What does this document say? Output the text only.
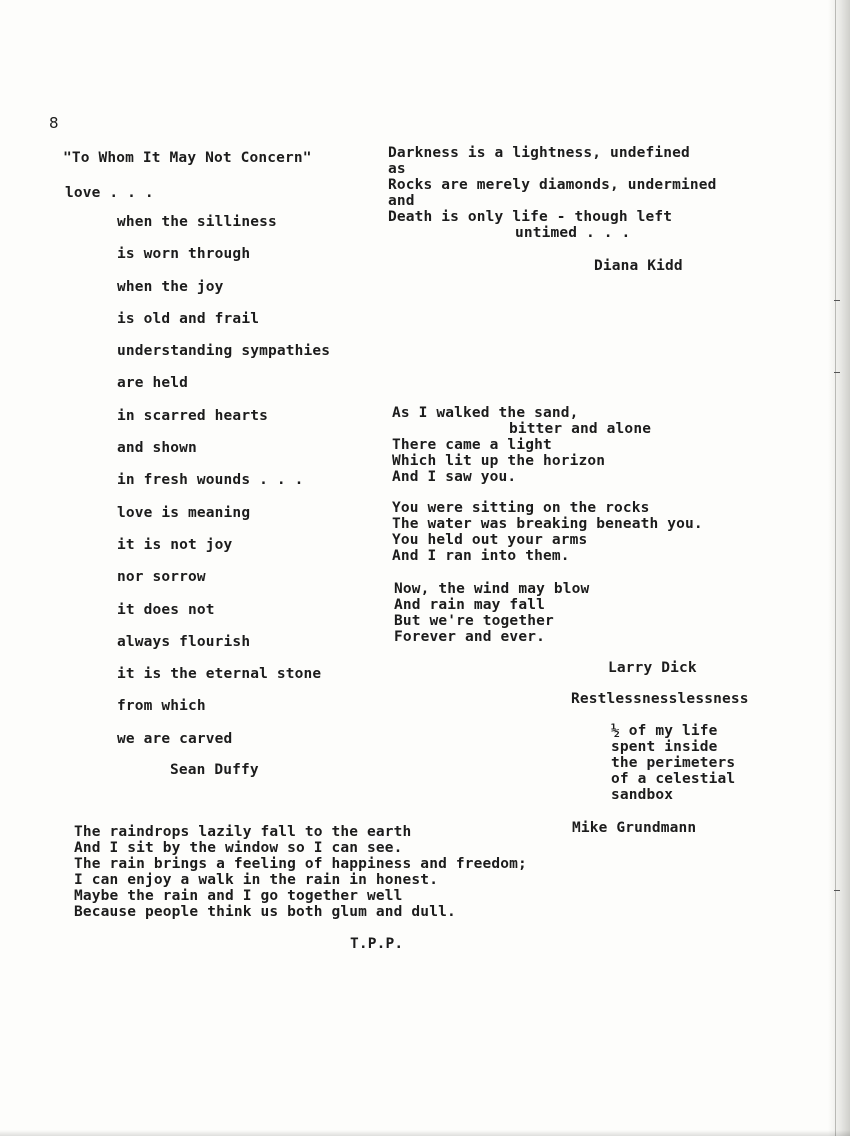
8
"To Whom It May Not Concern"
love . . .
when the silliness
is worn through
when the joy
is old and frail
understanding sympathies
are held
in scarred hearts
and shown
in fresh wounds . . .
love is meaning
it is not joy
nor sorrow
it does not
always flourish
it is the eternal stone
from which
we are carved
Sean Duffy
Darkness is a lightness, undefined
as
Rocks are merely diamonds, undermined
and
Death is only life - though left
untimed . . .
Diana Kidd
As I walked the sand,
bitter and alone
There came a light
Which lit up the horizon
And I saw you.
You were sitting on the rocks
The water was breaking beneath you.
You held out your arms
And I ran into them.
Now, the wind may blow
And rain may fall
But we're together
Forever and ever.
Larry Dick
Restlessnesslessness
½ of my life
spent inside
the perimeters
of a celestial
sandbox
Mike Grundmann
The raindrops lazily fall to the earth
And I sit by the window so I can see.
The rain brings a feeling of happiness and freedom;
I can enjoy a walk in the rain in honest.
Maybe the rain and I go together well
Because people think us both glum and dull.
T.P.P.
